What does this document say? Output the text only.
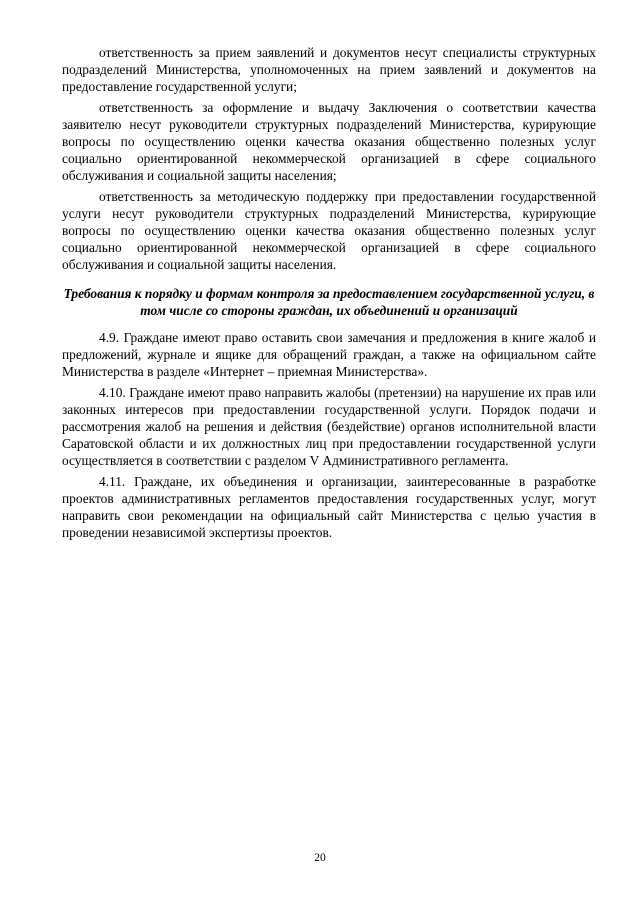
ответственность за прием заявлений и документов несут специалисты структурных подразделений Министерства, уполномоченных на прием заявлений и документов на предоставление государственной услуги;

ответственность за оформление и выдачу Заключения о соответствии качества заявителю несут руководители структурных подразделений Министерства, курирующие вопросы по осуществлению оценки качества оказания общественно полезных услуг социально ориентированной некоммерческой организацией в сфере социального обслуживания и социальной защиты населения;

ответственность за методическую поддержку при предоставлении государственной услуги несут руководители структурных подразделений Министерства, курирующие вопросы по осуществлению оценки качества оказания общественно полезных услуг социально ориентированной некоммерческой организацией в сфере социального обслуживания и социальной защиты населения.

Требования к порядку и формам контроля за предоставлением государственной услуги, в том числе со стороны граждан, их объединений и организаций

4.9. Граждане имеют право оставить свои замечания и предложения в книге жалоб и предложений, журнале и ящике для обращений граждан, а также на официальном сайте Министерства в разделе «Интернет – приемная Министерства».

4.10. Граждане имеют право направить жалобы (претензии) на нарушение их прав или законных интересов при предоставлении государственной услуги. Порядок подачи и рассмотрения жалоб на решения и действия (бездействие) органов исполнительной власти Саратовской области и их должностных лиц при предоставлении государственной услуги осуществляется в соответствии с разделом V Административного регламента.

4.11. Граждане, их объединения и организации, заинтересованные в разработке проектов административных регламентов предоставления государственных услуг, могут направить свои рекомендации на официальный сайт Министерства с целью участия в проведении независимой экспертизы проектов.

20
